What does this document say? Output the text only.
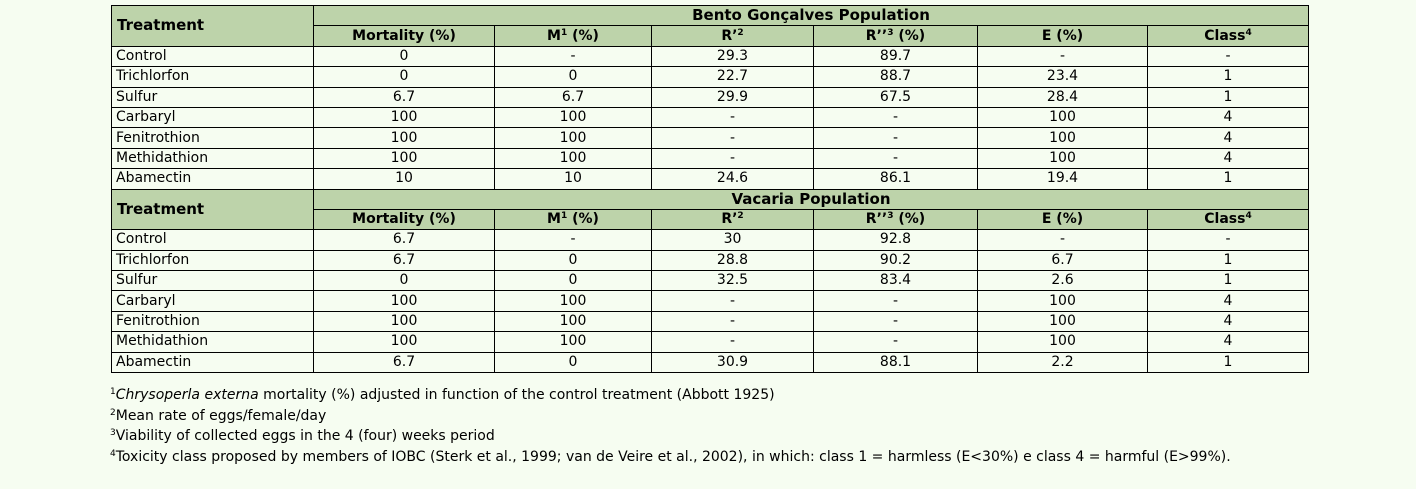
Treatment	Bento Gonçalves Population					
	Mortality (%)	$M^1$ (%)	R’$^2$	R’’$^3$ (%)	E (%)	Class$^4$
Control	0	-	29.3	89.7	-	-
Trichlorfon	0	0	22.7	88.7	23.4	1
Sulfur	6.7	6.7	29.9	67.5	28.4	1
Carbaryl	100	100	-	-	100	4
Fenitrothion	100	100	-	-	100	4
Methidathion	100	100	-	-	100	4
Abamectin	10	10	24.6	86.1	19.4	1
Treatment	Vacaria Population					
	Mortality (%)	$M^1$ (%)	R’$^2$	R’’$^3$ (%)	E (%)	Class$^4$
Control	6.7	-	30	92.8	-	-
Trichlorfon	6.7	0	28.8	90.2	6.7	1
Sulfur	0	0	32.5	83.4	2.6	1
Carbaryl	100	100	-	-	100	4
Fenitrothion	100	100	-	-	100	4
Methidathion	100	100	-	-	100	4
Abamectin	6.7	0	30.9	88.1	2.2	1
$^1$Chrysoperla externa mortality (%) adjusted in function of the control treatment (Abbott 1925)
$^2$Mean rate of eggs/female/day
$^3$Viability of collected eggs in the 4 (four) weeks period
$^4$Toxicity class proposed by members of IOBC (Sterk et al., 1999; van de Veire et al., 2002), in which: class 1 = harmless (E<30%) e class 4 = harmful (E>99%).
